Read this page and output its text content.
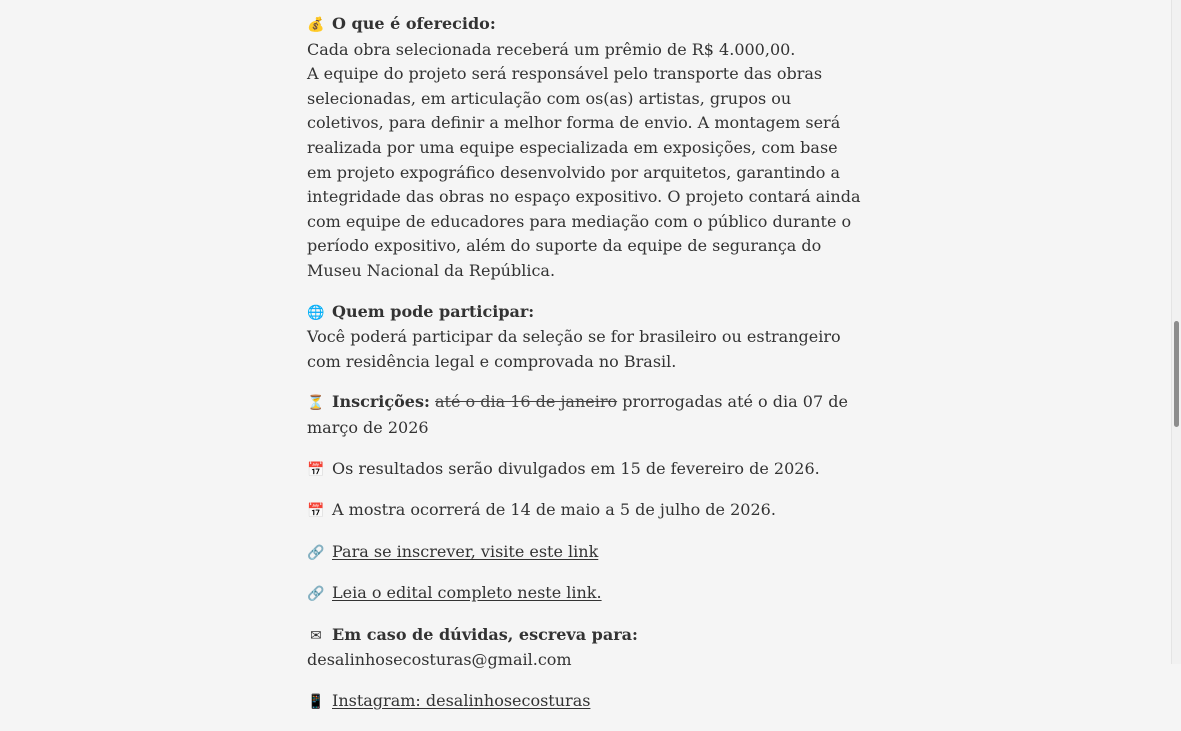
💰 O que é oferecido:
Cada obra selecionada receberá um prêmio de R$ 4.000,00.
A equipe do projeto será responsável pelo transporte das obras selecionadas, em articulação com os(as) artistas, grupos ou coletivos, para definir a melhor forma de envio. A montagem será realizada por uma equipe especializada em exposições, com base em projeto expográfico desenvolvido por arquitetos, garantindo a integridade das obras no espaço expositivo. O projeto contará ainda com equipe de educadores para mediação com o público durante o período expositivo, além do suporte da equipe de segurança do Museu Nacional da República.
🌐 Quem pode participar:
Você poderá participar da seleção se for brasileiro ou estrangeiro com residência legal e comprovada no Brasil.
⏳ Inscrições: até o dia 16 de janeiro prorrogadas até o dia 07 de março de 2026
📅 Os resultados serão divulgados em 15 de fevereiro de 2026.
📅 A mostra ocorrerá de 14 de maio a 5 de julho de 2026.
🔗 Para se inscrever, visite este link
🔗 Leia o edital completo neste link.
✉ Em caso de dúvidas, escreva para: desalinhosecosturas@gmail.com
📱 Instagram: desalinhosecosturas
